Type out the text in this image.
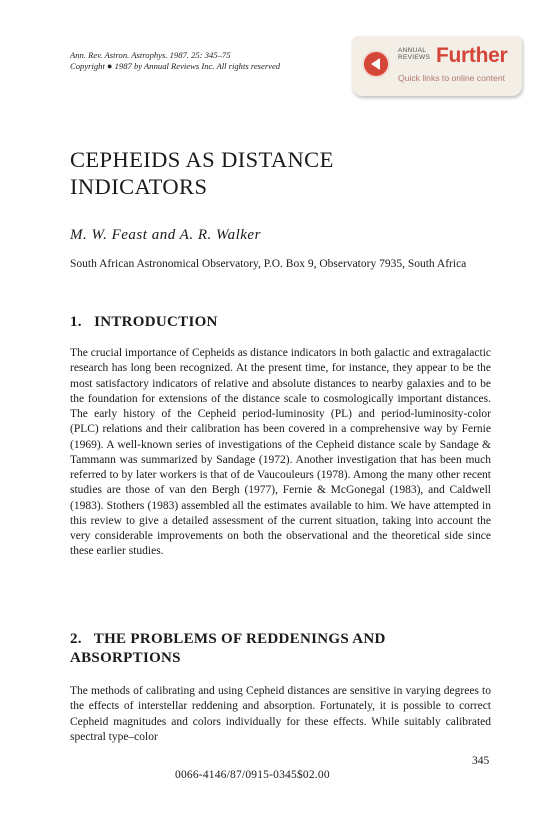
Ann. Rev. Astron. Astrophys. 1987. 25: 345–75
Copyright ● 1987 by Annual Reviews Inc. All rights reserved
ANNUAL
REVIEWS Further
Quick links to online content
CEPHEIDS AS DISTANCE
INDICATORS
M. W. Feast and A. R. Walker
South African Astronomical Observatory, P.O. Box 9, Observatory 7935, South Africa
1. INTRODUCTION

The crucial importance of Cepheids as distance indicators in both galactic and extragalactic research has long been recognized. At the present time, for instance, they appear to be the most satisfactory indicators of relative and absolute distances to nearby galaxies and to be the foundation for extensions of the distance scale to cosmologically important distances. The early history of the Cepheid period-luminosity (PL) and period-luminosity-color (PLC) relations and their calibration has been covered in a comprehensive way by Fernie (1969). A well-known series of investigations of the Cepheid distance scale by Sandage & Tammann was summarized by Sandage (1972). Another investigation that has been much referred to by later workers is that of de Vaucouleurs (1978). Among the many other recent studies are those of van den Bergh (1977), Fernie & McGonegal (1983), and Caldwell (1983). Stothers (1983) assembled all the estimates available to him. We have attempted in this review to give a detailed assessment of the current situation, taking into account the very considerable improvements on both the observational and the theoretical side since these earlier studies.

2. THE PROBLEMS OF REDDENINGS AND
ABSORPTIONS

The methods of calibrating and using Cepheid distances are sensitive in varying degrees to the effects of interstellar reddening and absorption. Fortunately, it is possible to correct Cepheid magnitudes and colors individually for these effects. While suitably calibrated spectral type–color

345
0066-4146/87/0915-0345$02.00
